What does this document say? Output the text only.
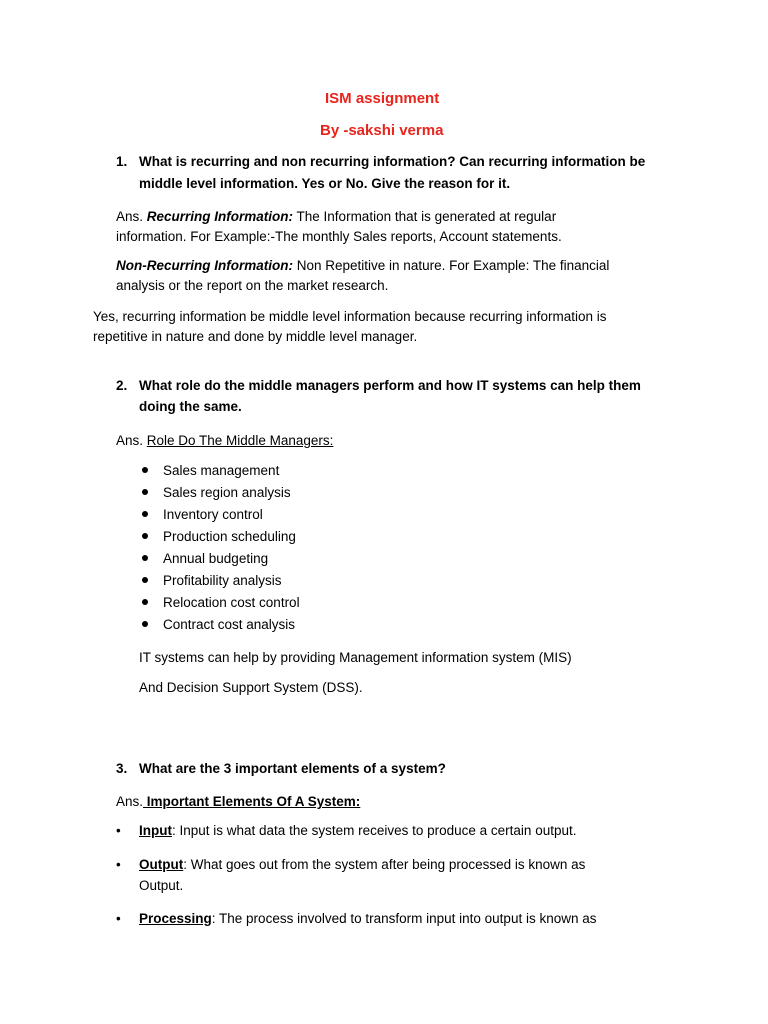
ISM assignment

By -sakshi verma

1. What is recurring and non recurring information? Can recurring information be

middle level information. Yes or No. Give the reason for it.

Ans. Recurring Information: The Information that is generated at regular

information. For Example:-The monthly Sales reports, Account statements.

Non-Recurring Information: Non Repetitive in nature. For Example: The financial

analysis or the report on the market research.

Yes, recurring information be middle level information because recurring information is

repetitive in nature and done by middle level manager.

2. What role do the middle managers perform and how IT systems can help them

doing the same.

Ans. Role Do The Middle Managers:

Sales management

Sales region analysis

Inventory control

Production scheduling

Annual budgeting

Profitability analysis

Relocation cost control

Contract cost analysis

IT systems can help by providing Management information system (MIS)

And Decision Support System (DSS).

3. What are the 3 important elements of a system?

Ans. Important Elements Of A System:

• Input: Input is what data the system receives to produce a certain output.

• Output: What goes out from the system after being processed is known as

Output.

• Processing: The process involved to transform input into output is known as
